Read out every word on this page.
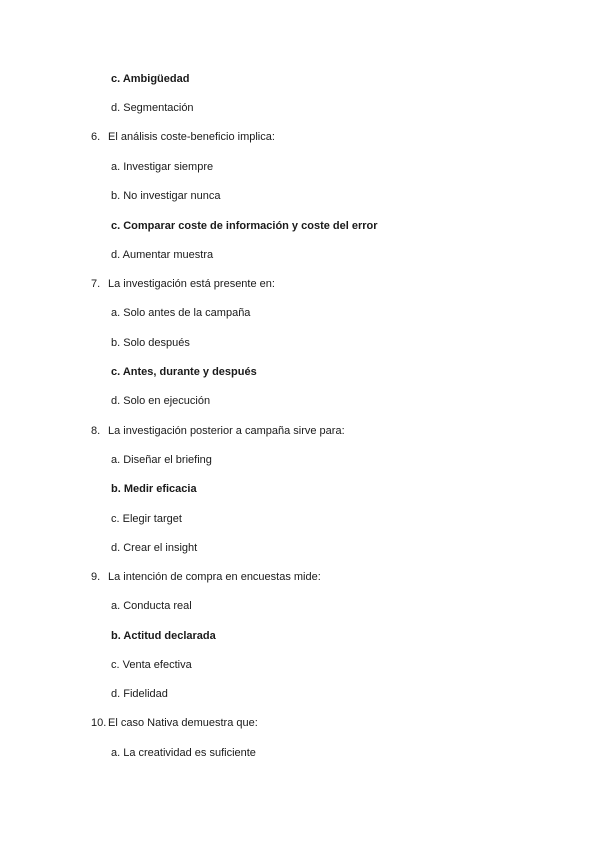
c. Ambigüedad
d. Segmentación
6. El análisis coste-beneficio implica:
a. Investigar siempre
b. No investigar nunca
c. Comparar coste de información y coste del error
d. Aumentar muestra
7. La investigación está presente en:
a. Solo antes de la campaña
b. Solo después
c. Antes, durante y después
d. Solo en ejecución
8. La investigación posterior a campaña sirve para:
a. Diseñar el briefing
b. Medir eficacia
c. Elegir target
d. Crear el insight
9. La intención de compra en encuestas mide:
a. Conducta real
b. Actitud declarada
c. Venta efectiva
d. Fidelidad
10. El caso Nativa demuestra que:
a. La creatividad es suficiente
